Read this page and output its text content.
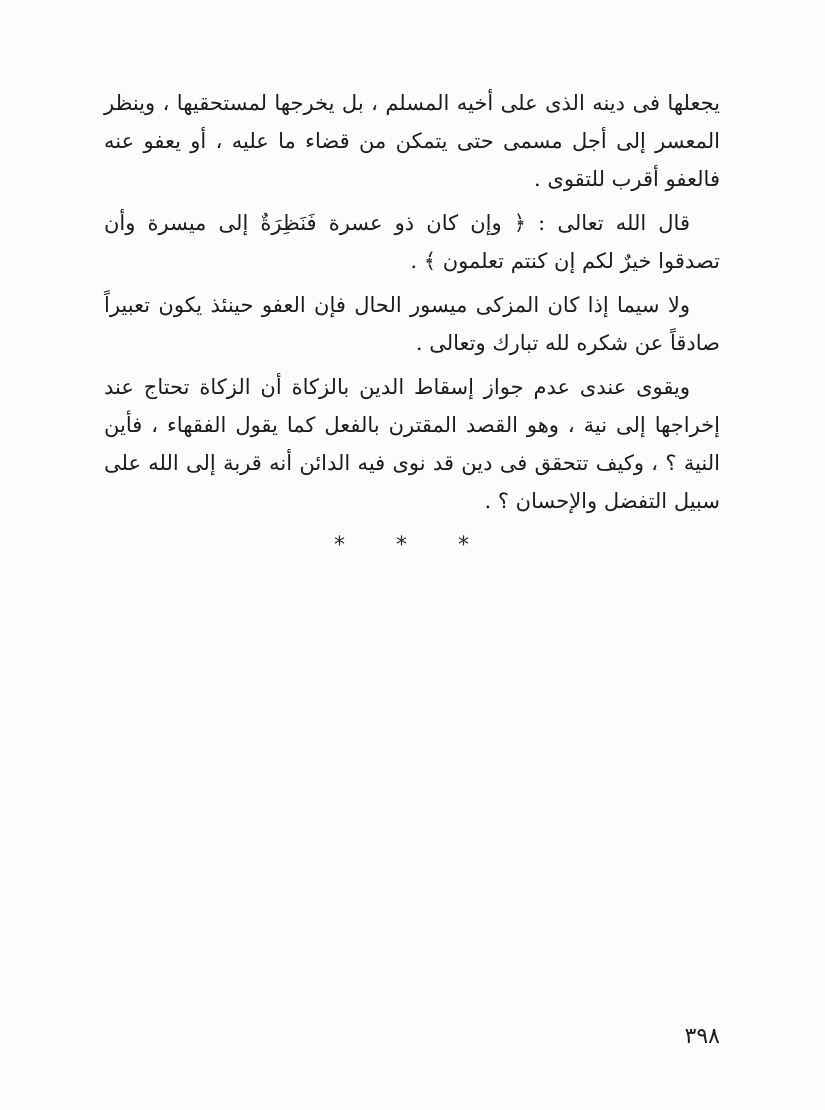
يجعلها فى دينه الذى على أخيه المسلم ، بل يخرجها لمستحقيها ، وينظر المعسر إلى أجل مسمى حتى يتمكن من قضاء ما عليه ، أو يعفو عنه فالعفو أقرب للتقوى .

قال الله تعالى : ﴿ وإن كان ذو عسرة فَنَظِرَةٌ إلى ميسرة وأن تصدقوا خيرٌ لكم إن كنتم تعلمون ﴾ .

ولا سيما إذا كان المزكى ميسور الحال فإن العفو حينئذ يكون تعبيراً صادقاً عن شكره لله تبارك وتعالى .

ويقوى عندى عدم جواز إسقاط الدين بالزكاة أن الزكاة تحتاج عند إخراجها إلى نية ، وهو القصد المقترن بالفعل كما يقول الفقهاء ، فأين النية ؟ ، وكيف تتحقق فى دين قد نوى فيه الدائن أنه قربة إلى الله على سبيل التفضل والإحسان ؟ .

* * *
٣٩٨
